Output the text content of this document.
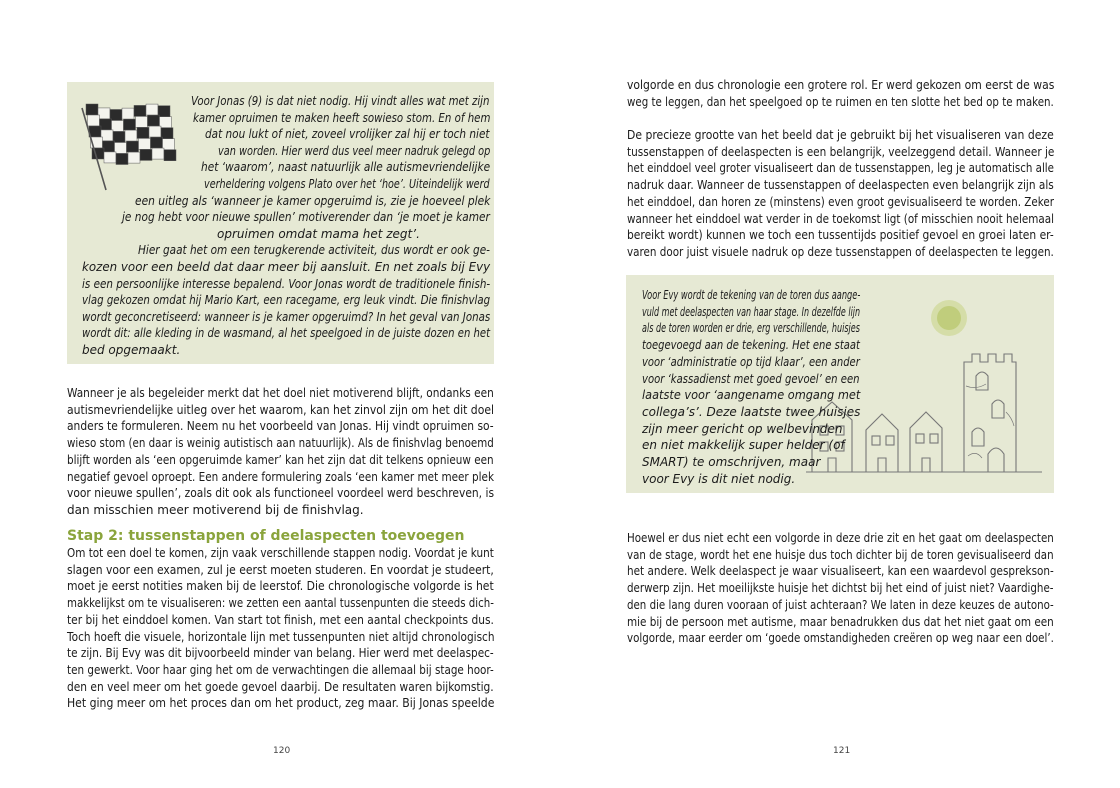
Voor Jonas (9) is dat niet nodig. Hij vindt alles wat met zijn
kamer opruimen te maken heeft sowieso stom. En of hem
dat nou lukt of niet, zoveel vrolijker zal hij er toch niet
van worden. Hier werd dus veel meer nadruk gelegd op
het ‘waarom’, naast natuurlijk alle autismevriendelijke
verheldering volgens Plato over het ‘hoe’. Uiteindelijk werd
een uitleg als ‘wanneer je kamer opgeruimd is, zie je hoeveel plek
je nog hebt voor nieuwe spullen’ motiverender dan ‘je moet je kamer
opruimen omdat mama het zegt’.
Hier gaat het om een terugkerende activiteit, dus wordt er ook ge-
kozen voor een beeld dat daar meer bij aansluit. En net zoals bij Evy
is een persoonlijke interesse bepalend. Voor Jonas wordt de traditionele finish-
vlag gekozen omdat hij Mario Kart, een racegame, erg leuk vindt. Die finishvlag
wordt geconcretiseerd: wanneer is je kamer opgeruimd? In het geval van Jonas
wordt dit: alle kleding in de wasmand, al het speelgoed in de juiste dozen en het
bed opgemaakt.
Wanneer je als begeleider merkt dat het doel niet motiverend blijft, ondanks een
autismevriendelijke uitleg over het waarom, kan het zinvol zijn om het dit doel
anders te formuleren. Neem nu het voorbeeld van Jonas. Hij vindt opruimen so-
wieso stom (en daar is weinig autistisch aan natuurlijk). Als de finishvlag benoemd
blijft worden als ‘een opgeruimde kamer’ kan het zijn dat dit telkens opnieuw een
negatief gevoel oproept. Een andere formulering zoals ‘een kamer met meer plek
voor nieuwe spullen’, zoals dit ook als functioneel voordeel werd beschreven, is
dan misschien meer motiverend bij de finishvlag.
Stap 2: tussenstappen of deelaspecten toevoegen
Om tot een doel te komen, zijn vaak verschillende stappen nodig. Voordat je kunt
slagen voor een examen, zul je eerst moeten studeren. En voordat je studeert,
moet je eerst notities maken bij de leerstof. Die chronologische volgorde is het
makkelijkst om te visualiseren: we zetten een aantal tussenpunten die steeds dich-
ter bij het einddoel komen. Van start tot finish, met een aantal checkpoints dus.
Toch hoeft die visuele, horizontale lijn met tussenpunten niet altijd chronologisch
te zijn. Bij Evy was dit bijvoorbeeld minder van belang. Hier werd met deelaspec-
ten gewerkt. Voor haar ging het om de verwachtingen die allemaal bij stage hoor-
den en veel meer om het goede gevoel daarbij. De resultaten waren bijkomstig.
Het ging meer om het proces dan om het product, zeg maar. Bij Jonas speelde
120
volgorde en dus chronologie een grotere rol. Er werd gekozen om eerst de was
weg te leggen, dan het speelgoed op te ruimen en ten slotte het bed op te maken.
De precieze grootte van het beeld dat je gebruikt bij het visualiseren van deze
tussenstappen of deelaspecten is een belangrijk, veelzeggend detail. Wanneer je
het einddoel veel groter visualiseert dan de tussenstappen, leg je automatisch alle
nadruk daar. Wanneer de tussenstappen of deelaspecten even belangrijk zijn als
het einddoel, dan horen ze (minstens) even groot gevisualiseerd te worden. Zeker
wanneer het einddoel wat verder in de toekomst ligt (of misschien nooit helemaal
bereikt wordt) kunnen we toch een tussentijds positief gevoel en groei laten er-
varen door juist visuele nadruk op deze tussenstappen of deelaspecten te leggen.
Voor Evy wordt de tekening van de toren dus aange-
vuld met deelaspecten van haar stage. In dezelfde lijn
als de toren worden er drie, erg verschillende, huisjes
toegevoegd aan de tekening. Het ene staat
voor ‘administratie op tijd klaar’, een ander
voor ‘kassadienst met goed gevoel’ en een
laatste voor ‘aangename omgang met
collega’s’. Deze laatste twee huisjes
zijn meer gericht op welbevinden
en niet makkelijk super helder (of
SMART) te omschrijven, maar
voor Evy is dit niet nodig.
Hoewel er dus niet echt een volgorde in deze drie zit en het gaat om deelaspecten
van de stage, wordt het ene huisje dus toch dichter bij de toren gevisualiseerd dan
het andere. Welk deelaspect je waar visualiseert, kan een waardevol gesprekson-
derwerp zijn. Het moeilijkste huisje het dichtst bij het eind of juist niet? Vaardighe-
den die lang duren vooraan of juist achteraan? We laten in deze keuzes de autono-
mie bij de persoon met autisme, maar benadrukken dus dat het niet gaat om een
volgorde, maar eerder om ‘goede omstandigheden creëren op weg naar een doel’.
121
